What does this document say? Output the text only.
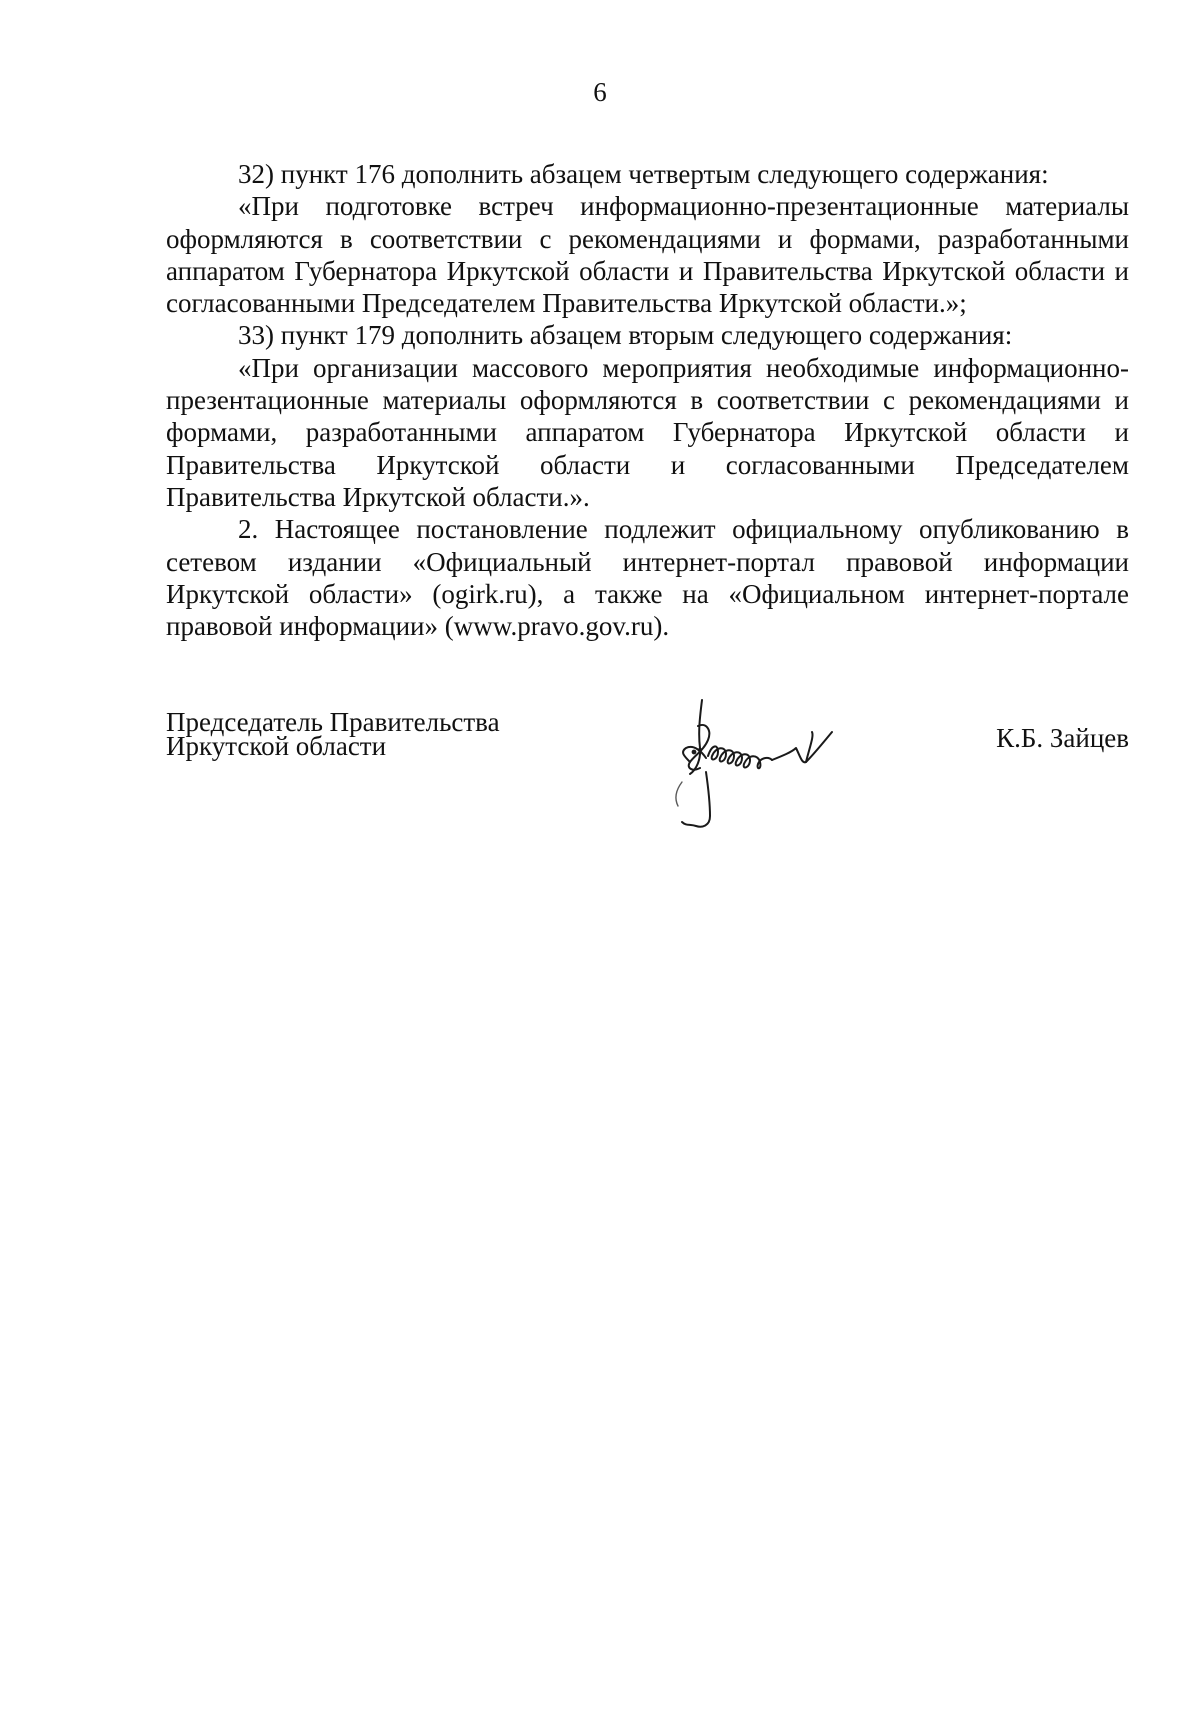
6

32) пункт 176 дополнить абзацем четвертым следующего содержания:

«При подготовке встреч информационно-презентационные материалы оформляются в соответствии с рекомендациями и формами, разработанными аппаратом Губернатора Иркутской области и Правительства Иркутской области и согласованными Председателем Правительства Иркутской области.»;

33) пункт 179 дополнить абзацем вторым следующего содержания:

«При организации массового мероприятия необходимые информационно-презентационные материалы оформляются в соответствии с рекомендациями и формами, разработанными аппаратом Губернатора Иркутской области и Правительства Иркутской области и согласованными Председателем Правительства Иркутской области.».

2. Настоящее постановление подлежит официальному опубликованию в сетевом издании «Официальный интернет-портал правовой информации Иркутской области» (ogirk.ru), а также на «Официальном интернет-портале правовой информации» (www.pravo.gov.ru).

Председатель Правительства
Иркутской области	К.Б. Зайцев
